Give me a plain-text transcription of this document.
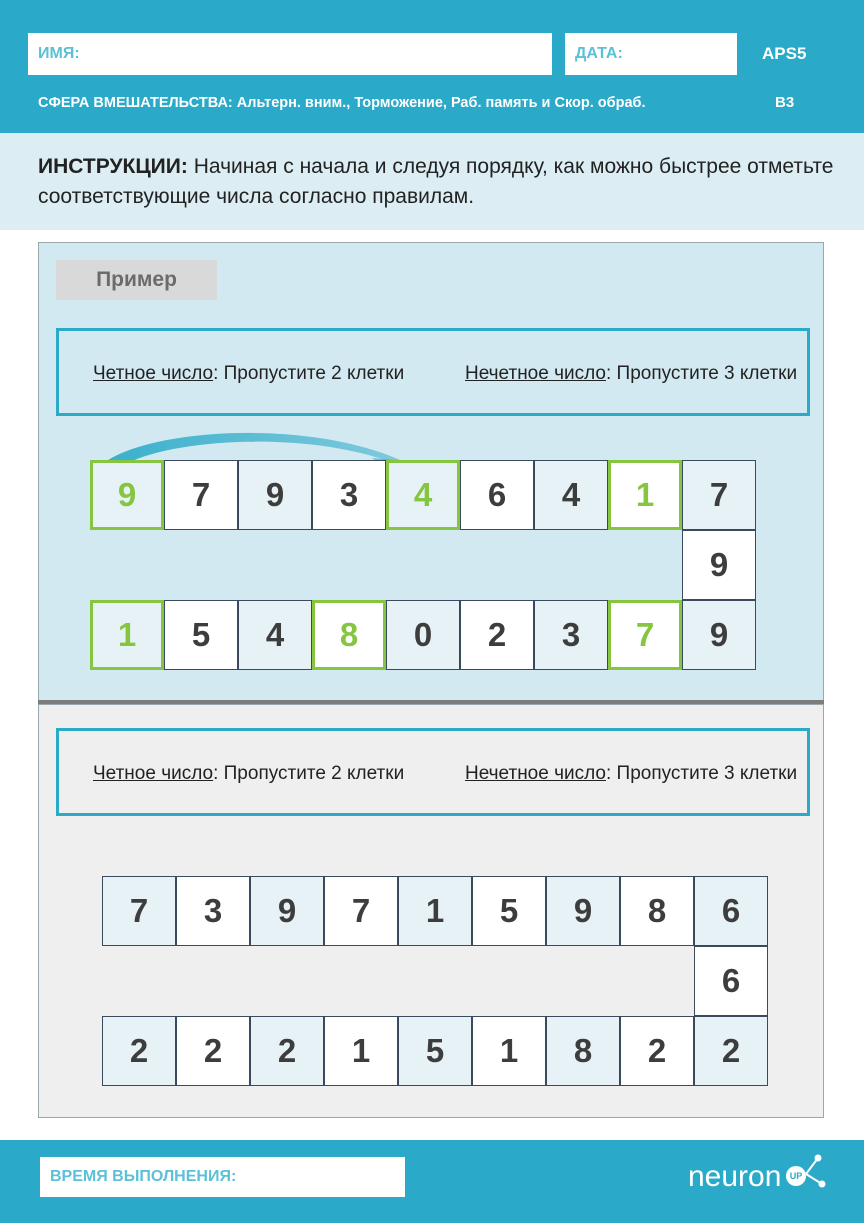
ИМЯ:	ДАТА:	APS5
B3
СФЕРА ВМЕШАТЕЛЬСТВА: Альтерн. вним., Торможение, Раб. память и Скор. обраб.
ИНСТРУКЦИИ: Начиная с начала и следуя порядку, как можно быстрее отметьте соответствующие числа согласно правилам.
Пример
Четное число: Пропустите 2 клетки	Нечетное число: Пропустите 3 клетки
9	7	9	3	4	6	4	1	7
9
1	5	4	8	0	2	3	7	9
Четное число: Пропустите 2 клетки	Нечетное число: Пропустите 3 клетки
7	3	9	7	1	5	9	8	6
6
2	2	2	1	5	1	8	2	2
ВРЕМЯ ВЫПОЛНЕНИЯ:	neuron UP
